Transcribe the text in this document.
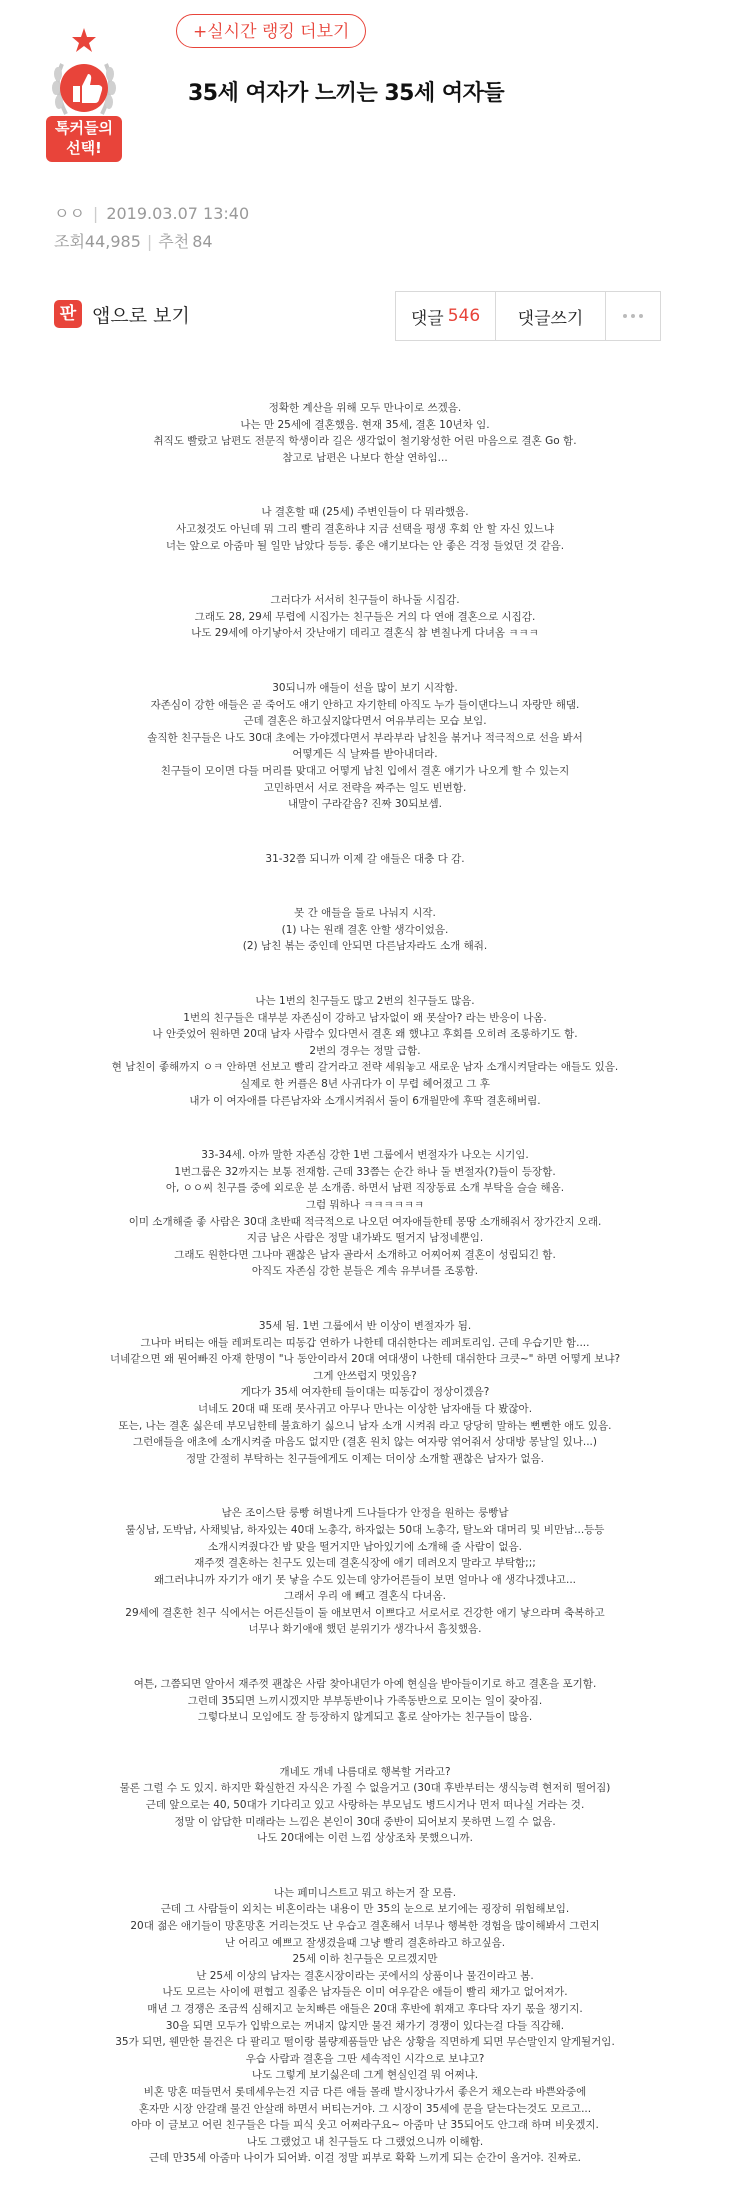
톡커들의
선택!
+실시간 랭킹 더보기
35세 여자가 느끼는 35세 여자들
ㅇㅇ | 2019.03.07 13:40
조회44,985 | 추천 84
판 앱으로 보기	댓글 546	댓글쓰기
정확한 계산을 위해 모두 만나이로 쓰겠음.
나는 만 25세에 결혼했음. 현재 35세, 결혼 10년차 임.
취직도 빨랐고 남편도 전문직 학생이라 길은 생각없이 철기왕성한 어린 마음으로 결혼 Go 함.
참고로 남편은 나보다 한살 연하임...
나 결혼할 때 (25세) 주변인들이 다 뭐라했음.
사고쳤것도 아닌데 뭐 그리 빨리 결혼하냐 지금 선택을 평생 후회 안 할 자신 있느냐
너는 앞으로 아줌마 될 일만 남았다 등등. 좋은 얘기보다는 안 좋은 걱정 들었던 것 같음.
그러다가 서서히 친구들이 하나둘 시집감.
그래도 28, 29세 무렵에 시집가는 친구들은 거의 다 연애 결혼으로 시집감.
나도 29세에 아기낳아서 갓난애기 데리고 결혼식 참 변칠나게 다녀옴 ㅋㅋㅋ
30되니까 애들이 선을 많이 보기 시작함.
자존심이 강한 애들은 곧 죽어도 얘기 안하고 자기한테 아직도 누가 들이댄다느니 자랑만 해댐.
근데 결혼은 하고싶지않다면서 여유부리는 모습 보임.
솔직한 친구들은 나도 30대 초에는 가야겠다면서 부라부라 남친을 볶거나 적극적으로 선을 봐서
어떻게든 식 날짜를 받아내더라.
친구들이 모이면 다들 머리를 맞대고 어떻게 남친 입에서 결혼 얘기가 나오게 할 수 있는지
고민하면서 서로 전략을 짜주는 일도 빈번함.
내말이 구라같음? 진짜 30되보셈.
31-32쯤 되니까 이제 갈 애들은 대충 다 감.
못 간 애들을 둘로 나눠지 시작.
(1) 나는 원래 결혼 안할 생각이었음.
(2) 남친 볶는 중인데 안되면 다른남자라도 소개 해줘.
나는 1번의 친구들도 많고 2번의 친구들도 많음.
1번의 친구들은 대부분 자존심이 강하고 남자없이 왜 못살아? 라는 반응이 나옴.
나 안줏었어 원하면 20대 남자 사람수 있다면서 결혼 왜 했냐고 후회를 오히려 조롱하기도 함.
2번의 경우는 정말 급함.
현 남친이 좋해까지 ㅇㅋ 안하면 선보고 빨리 갈거라고 전략 세워놓고 새로운 남자 소개시켜달라는 애들도 있음.
실제로 한 커플은 8년 사귀다가 이 무렵 헤어졌고 그 후
내가 이 여자애를 다른남자와 소개시켜줘서 둘이 6개월만에 후딱 결혼해버림.
33-34세. 아까 말한 자존심 강한 1번 그룹에서 변절자가 나오는 시기임.
1번그룹은 32까지는 보통 전재함. 근데 33쯤는 순간 하나 둘 변절자(?)들이 등장함.
아, ㅇㅇ씨 친구를 중에 외로운 분 소개좀. 하면서 남편 직장동료 소개 부탁을 슬슬 해옴.
그럼 뭐하나 ㅋㅋㅋㅋㅋㅋ
이미 소개해줄 좋 사람은 30대 초반때 적극적으로 나오던 여자애들한테 몽땅 소개해줘서 장가간지 오래.
지금 남은 사람은 정말 내가봐도 떨거지 남정네뿐임.
그래도 원한다면 그나마 괜찮은 남자 골라서 소개하고 어찌어찌 결혼이 성립되긴 함.
아직도 자존심 강한 분들은 계속 유부녀를 조롱함.
35세 됨. 1번 그룹에서 반 이상이 변절자가 됨.
그나마 버티는 애들 레퍼토리는 띠동갑 연하가 나한테 대쉬한다는 레퍼토리임. 근데 우습기만 함....
너네같으면 왜 뭔어빠진 아재 한명이 "나 동안이라서 20대 여대생이 나한테 대쉬한다 크큿~" 하면 어떻게 보냐?
그게 안쓰럽지 멋있음?
게다가 35세 여자한테 들이대는 띠동갑이 정상이겠음?
너네도 20대 때 또래 못사귀고 아무나 만나는 이상한 남자애들 다 봤잖아.
또는, 나는 결혼 싫은데 부모님한테 불효하기 싫으니 남자 소개 시켜줘 라고 당당히 말하는 뻔뻔한 애도 있음.
그런애들을 애초에 소개시켜줄 마음도 없지만 (결혼 원치 않는 여자랑 엮어줘서 상대방 몽날일 있나...)
정말 간절히 부탁하는 친구들에게도 이제는 더이상 소개할 괜찮은 남자가 없음.
남은 조이스탄 룽빵 허벌나게 드나들다가 안정을 원하는 룽빵남
룰싱남, 도박남, 사채빚남, 하자있는 40대 노총각, 하자없는 50대 노총각, 탈노와 대머리 및 비만남...등등
소개시켜줬다간 밤 맞을 떨거지만 남아있기에 소개해 줄 사람이 없음.
재주껏 결혼하는 친구도 있는데 결혼식장에 애기 데려오지 말라고 부탁함;;;
왜그러냐니까 자기가 애기 못 낳을 수도 있는데 양가어른들이 보면 얼마나 애 생각나겠냐고...
그래서 우리 애 빼고 결혼식 다녀옴.
29세에 결혼한 친구 식에서는 어른신들이 둘 애보면서 이쁘다고 서로서로 건강한 애기 낳으라며 축복하고
너무나 화기애애 했던 분위기가 생각나서 흠칫했음.
여튼, 그쯤되면 알아서 재주껏 괜찮은 사람 찾아내던가 아예 현실을 받아들이기로 하고 결혼을 포기함.
그런데 35되면 느끼시겠지만 부부동반이나 가족동반으로 모이는 일이 잦아짐.
그렇다보니 모임에도 잘 등장하지 않게되고 홀로 살아가는 친구들이 많음.
개네도 개네 나름대로 행복할 거라고?
물론 그럴 수 도 있지. 하지만 확실한건 자식은 가질 수 없을거고 (30대 후반부터는 생식능력 현저히 떨어짐)
근데 앞으로는 40, 50대가 기다리고 있고 사랑하는 부모님도 병드시거나 먼저 떠나실 거라는 것.
정말 이 암담한 미래라는 느낌은 본인이 30대 중반이 되어보지 못하면 느낄 수 없음.
나도 20대에는 이런 느낌 상상조차 못했으니까.
나는 페미니스트고 뭐고 하는거 잘 모름.
근데 그 사람들이 외치는 비혼이라는 내용이 만 35의 눈으로 보기에는 굉장히 위험해보임.
20대 젊은 애기들이 망혼망혼 거리는것도 난 우습고 결혼해서 너무나 행복한 경험을 많이해봐서 그런지
난 어리고 예쁘고 잘생겼을때 그냥 빨리 결혼하라고 하고싶음.
25세 이하 친구들은 모르겠지만
난 25세 이상의 남자는 결혼시장이라는 곳에서의 상품이나 물건이라고 봄.
나도 모르는 사이에 편협고 질좋은 남자들은 이미 여우같은 애들이 빨리 채가고 없어져가.
매년 그 경쟁은 조금씩 심해지고 눈치빠른 애들은 20대 후반에 휘재고 후다닥 자기 몫을 챙기지.
30을 되면 모두가 입밖으로는 꺼내지 않지만 물건 채가기 경쟁이 있다는걸 다들 직감해.
35가 되면, 웬만한 물건은 다 팔리고 떨이랑 불량제품들만 남은 상황을 직면하게 되면 무슨말인지 알게될거임.
우습 사람과 결혼을 그딴 세속적인 시각으로 보냐고?
나도 그렇게 보기싫은데 그게 현실인걸 뭐 어쩌냐.
비혼 망혼 떠들면서 롯데세우는건 지금 다른 애들 몰래 발시장나가서 좋은거 채오는라 바쁜와중에
혼자만 시장 안갈래 물건 안살래 하면서 버티는거야. 그 시장이 35세에 문을 닫는다는것도 모르고...
아마 이 글보고 어린 친구들은 다들 피식 웃고 어쩌라구요~ 아줌마 난 35되어도 안그래 하며 비웃겠지.
나도 그랬었고 내 친구들도 다 그랬었으니까 이해함.
근데 만35세 아줌마 나이가 되어봐. 이걸 정말 피부로 확확 느끼게 되는 순간이 올거야. 진짜로.
